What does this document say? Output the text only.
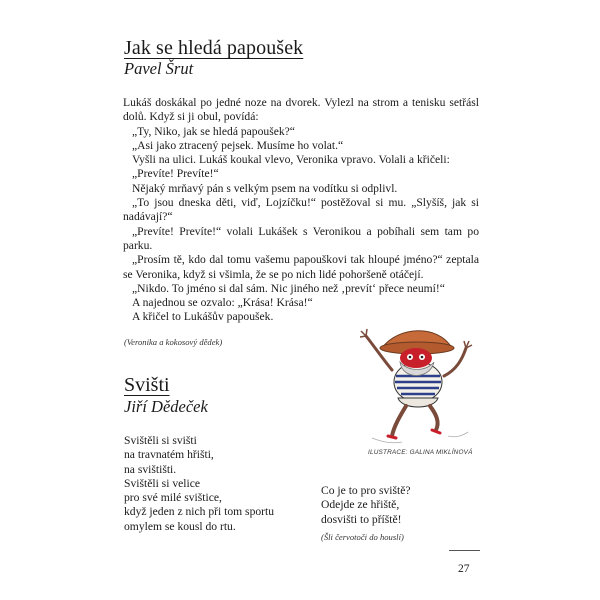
Jak se hledá papoušek
Pavel Šrut

Lukáš doskákal po jedné noze na dvorek. Vylezl na strom a tenisku setřásl dolů. Když si ji obul, povídá:

„Ty, Niko, jak se hledá papoušek?“

„Asi jako ztracený pejsek. Musíme ho volat.“

Vyšli na ulici. Lukáš koukal vlevo, Veronika vpravo. Volali a křičeli:

„Prevíte! Prevíte!“

Nějaký mrňavý pán s velkým psem na vodítku si odplivl.

„To jsou dneska děti, viď, Lojzíčku!“ postěžoval si mu. „Slyšíš, jak si nadávají?“

„Prevíte! Prevíte!“ volali Lukášek s Veronikou a pobíhali sem tam po parku.

„Prosím tě, kdo dal tomu vašemu papouškovi tak hloupé jméno?“ zeptala se Veronika, když si všimla, že se po nich lidé pohoršeně otáčejí.

„Nikdo. To jméno si dal sám. Nic jiného než ‚prevít‘ přece neumí!“

A najednou se ozvalo: „Krása! Krása!“

A křičel to Lukášův papoušek.

(Veronika a kokosový dědek)
ILUSTRACE: GALINA MIKLÍNOVÁ
Svišti
Jiří Dědeček
Svištěli si svišti
na travnatém hřišti,
na svištišti.
Svištěli si velice
pro své milé svištice,
když jeden z nich při tom sportu
omylem se kousl do rtu.
Co je to pro sviště?
Odejde ze hřiště,
dosvišti to příště!
(Šli červotoči do houslí)
27
